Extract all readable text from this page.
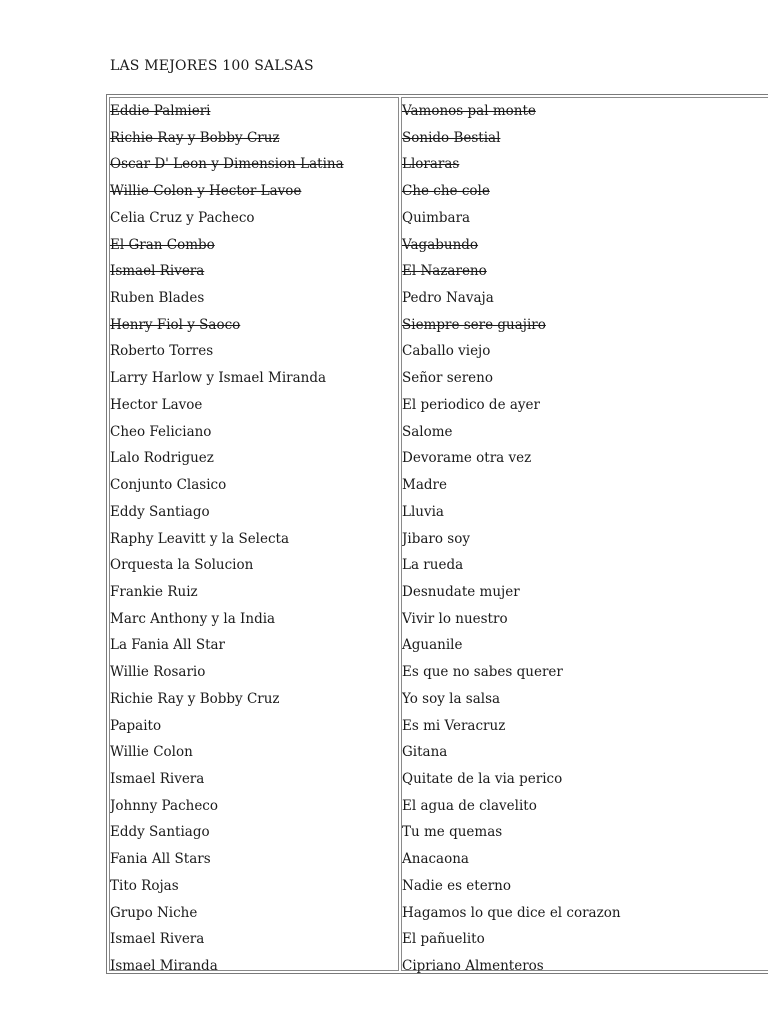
LAS MEJORES 100 SALSAS
Eddie Palmieri
Richie Ray y Bobby Cruz
Oscar D' Leon y Dimension Latina
Willie Colon y Hector Lavoe
Celia Cruz y Pacheco
El Gran Combo
Ismael Rivera
Ruben Blades
Henry Fiol y Saoco
Roberto Torres
Larry Harlow y Ismael Miranda
Hector Lavoe
Cheo Feliciano
Lalo Rodriguez
Conjunto Clasico
Eddy Santiago
Raphy Leavitt y la Selecta
Orquesta la Solucion
Frankie Ruiz
Marc Anthony y la India
La Fania All Star
Willie Rosario
Richie Ray y Bobby Cruz
Papaito
Willie Colon
Ismael Rivera
Johnny Pacheco
Eddy Santiago
Fania All Stars
Tito Rojas
Grupo Niche
Ismael Rivera
Ismael Miranda
Vamonos pal monte
Sonido Bestial
Lloraras
Che che cole
Quimbara
Vagabundo
El Nazareno
Pedro Navaja
Siempre sere guajiro
Caballo viejo
Señor sereno
El periodico de ayer
Salome
Devorame otra vez
Madre
Lluvia
Jibaro soy
La rueda
Desnudate mujer
Vivir lo nuestro
Aguanile
Es que no sabes querer
Yo soy la salsa
Es mi Veracruz
Gitana
Quitate de la via perico
El agua de clavelito
Tu me quemas
Anacaona
Nadie es eterno
Hagamos lo que dice el corazon
El pañuelito
Cipriano Almenteros
